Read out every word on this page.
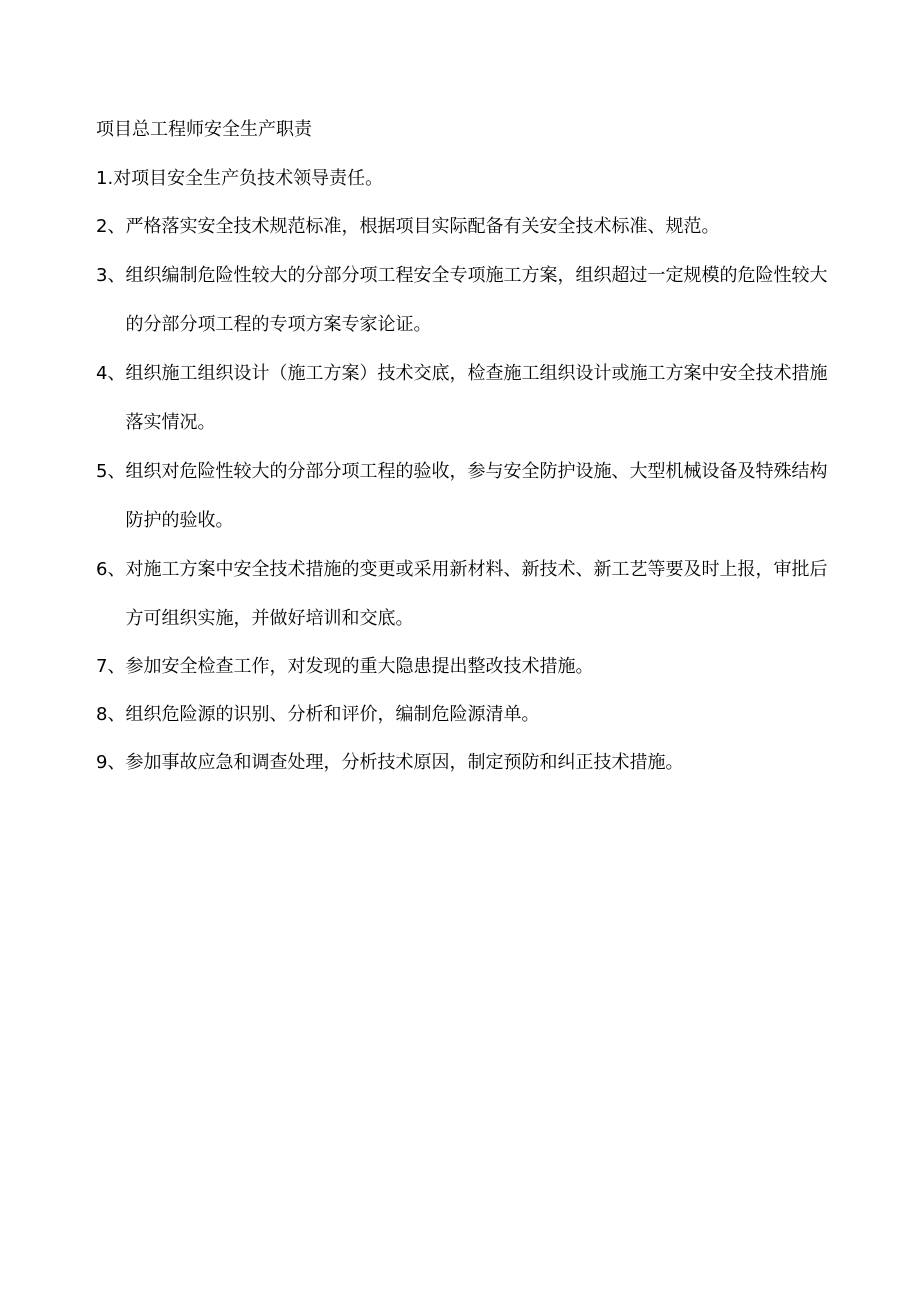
项目总工程师安全生产职责
1. 对项目安全生产负技术领导责任。
2、 严格落实安全技术规范标准，根据项目实际配备有关安全技术标准、规范。
3、 组织编制危险性较大的分部分项工程安全专项施工方案，组织超过一定规模的危险性较大的分部分项工程的专项方案专家论证。
4、 组织施工组织设计（施工方案）技术交底，检查施工组织设计或施工方案中安全技术措施落实情况。
5、 组织对危险性较大的分部分项工程的验收，参与安全防护设施、大型机械设备及特殊结构防护的验收。
6、 对施工方案中安全技术措施的变更或采用新材料、新技术、新工艺等要及时上报，审批后方可组织实施，并做好培训和交底。
7、 参加安全检查工作，对发现的重大隐患提出整改技术措施。
8、 组织危险源的识别、分析和评价，编制危险源清单。
9、 参加事故应急和调查处理，分析技术原因，制定预防和纠正技术措施。
